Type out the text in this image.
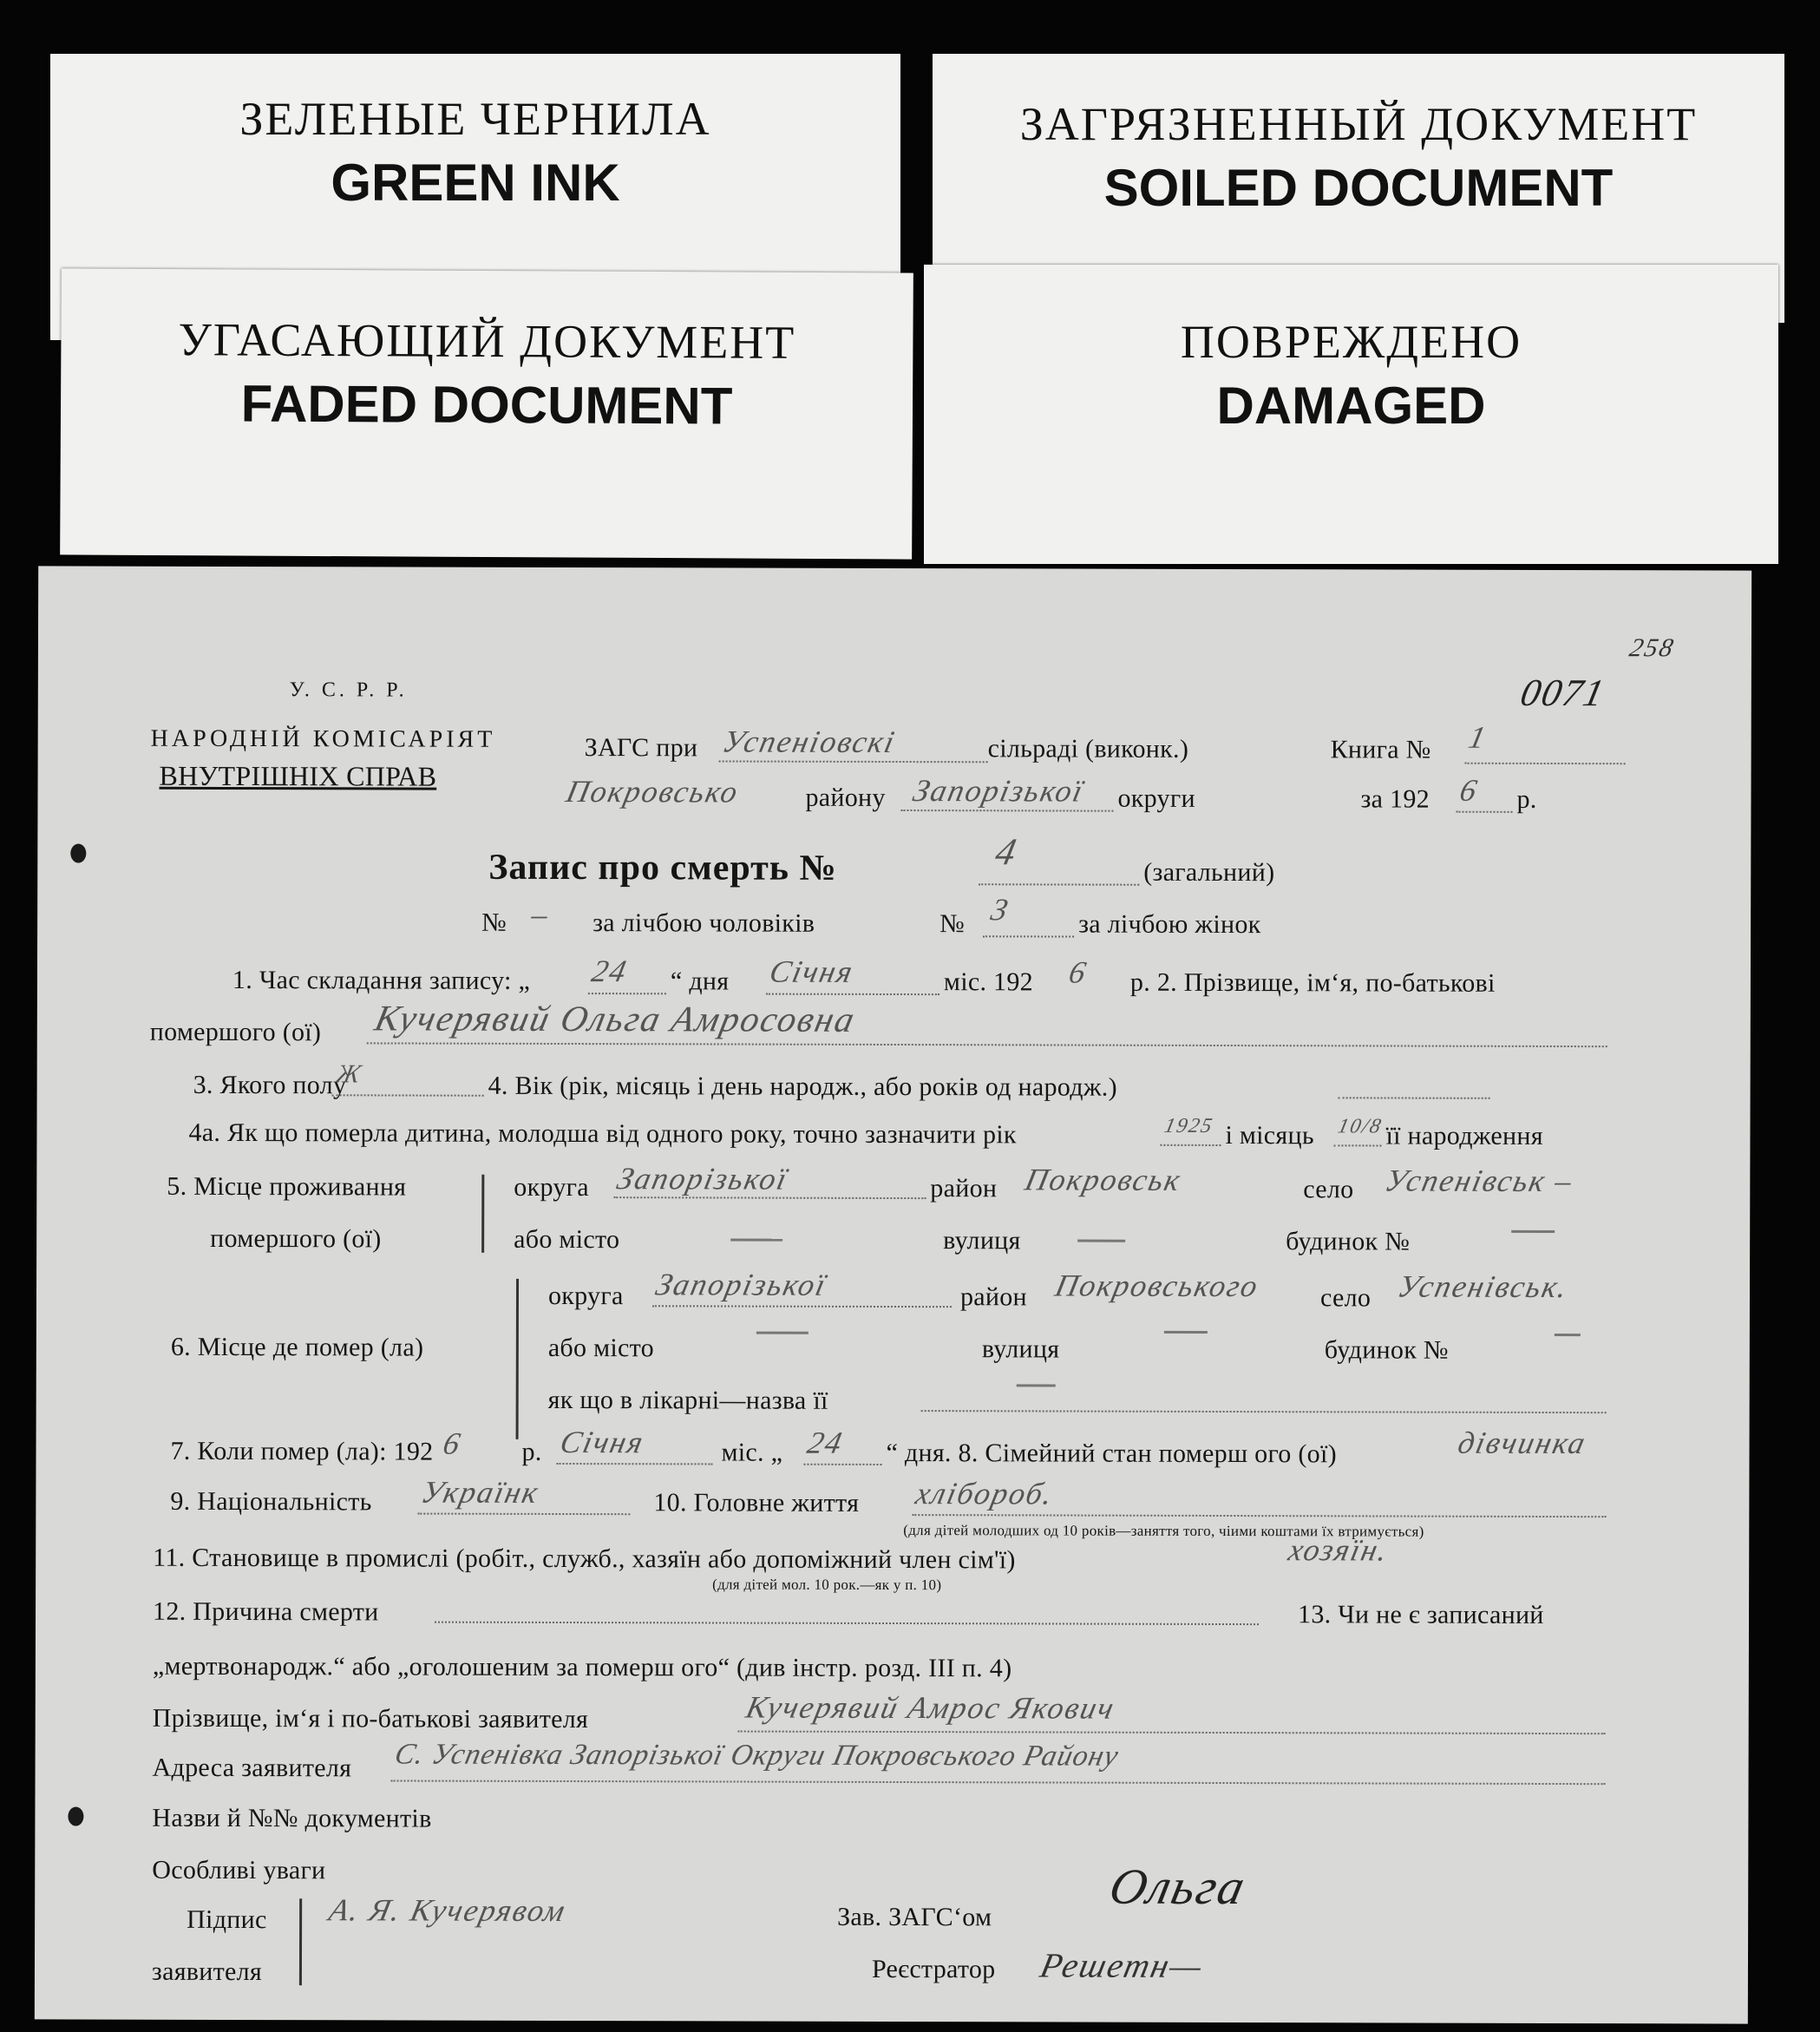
ЗЕЛЕНЫЕ ЧЕРНИЛА
GREEN INK
ЗАГРЯЗНЕННЫЙ ДОКУМЕНТ
SOILED DOCUMENT
УГАСАЮЩИЙ ДОКУМЕНТ
FADED DOCUMENT
ПОВРЕЖДЕНО
DAMAGED
У. С. Р. Р.
НАРОДНІЙ КОМІСАРІЯТ
ВНУТРІШНІХ СПРАВ
ЗАГС при Успеніовскі	сільраді (виконк.)
Покровсько району Запорізької округи
Книга № 1
за 192 6 р.
258
0071
Запис про смерть №	4	(загальний)
№ – за лічбою чоловіків	№ 3	за лічбою жінок
1. Час складання запису: „ 24 “ дня Січня	міс. 192 6 р. 2. Прізвище, ім‘я, по-батькові
помершого (ої) Кучерявий Ольга Амросовна
3. Якого полу
Ж	4. Вік (рік, місяць і день народж., або років од народж.)
4а. Як що померла дитина, молодша від одного року, точно зазначити рік	1925 і місяць 10/8 її народження
5. Місце проживання
помершого (ої)
округа Запорізької	район Покровськ	село Успенівськ –
або місто	вулиця	будинок №
6. Місце де помер (ла)
округа Запорізької	район Покровського село Успенівськ.
або місто	вулиця	будинок №
як що в лікарні—назва її
7. Коли помер (ла): 192 6 р. Січня	міс. „ 24 “ дня. 8. Сімейний стан померш ого (ої)	дівчинка
9. Національність Українк	10. Головне життя хлібороб.
(для дітей молодших од 10 років—заняття того, чіими коштами їх втримується)
11. Становище в промислі (робіт., служб., хазяїн або допоміжний член сім'ї)	хозяїн.
(для дітей мол. 10 рок.—як у п. 10)
12. Причина смерти	13. Чи не є записаний
„мертвонародж.“ або „оголошеним за померш ого“ (див інстр. розд. III п. 4)
Прізвище, ім‘я і по-батькові заявителя	Кучерявий Амрос Якович
Адреса заявителя С. Успенівка Запорізької Округи Покровського Району
Назви й №№ документів
Особливі уваги
Підпис
заявителя
А. Я. Кучерявом	Зав. ЗАГС‘ом
Ольга
Реєстратор Решетн—
